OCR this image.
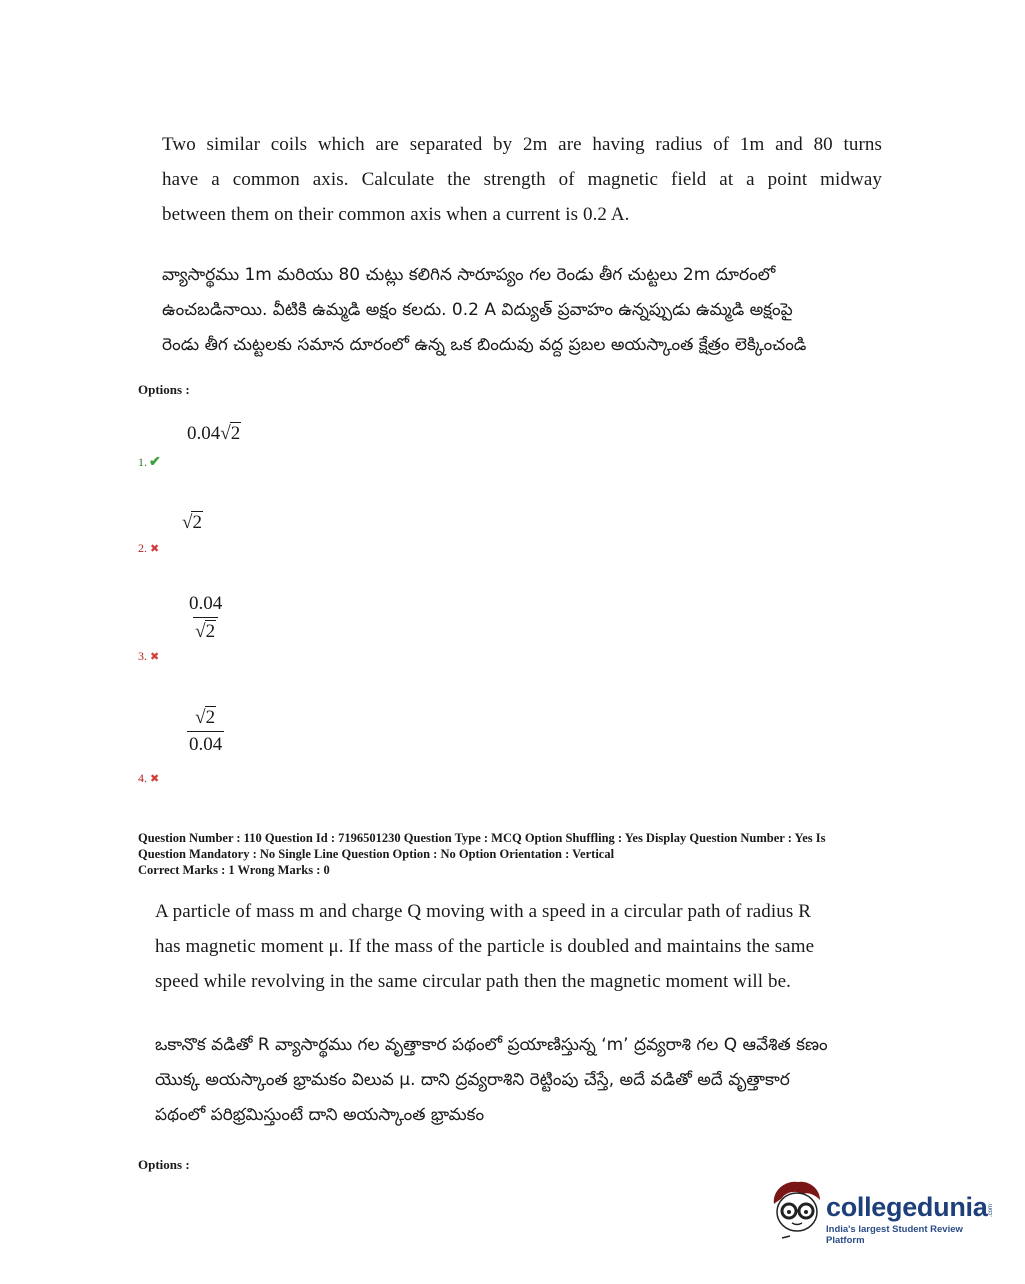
Two similar coils which are separated by 2m are having radius of 1m and 80 turns
have a common axis. Calculate the strength of magnetic field at a point midway
between them on their common axis when a current is 0.2 A.
వ్యాసార్థము 1m మరియు 80 చుట్లు కలిగిన సారూప్యం గల రెండు తీగ చుట్టలు 2m దూరంలో
ఉంచబడినాయి. వీటికి ఉమ్మడి అక్షం కలదు. 0.2 A విద్యుత్ ప్రవాహం ఉన్నప్పుడు ఉమ్మడి అక్షంపై
రెండు తీగ చుట్టలకు సమాన దూరంలో ఉన్న ఒక బిందువు వద్ద ప్రబల అయస్కాంత క్షేత్రం లెక్కించండి
Options :
0.04√2
1. ✔
√2
2. ✖
$\frac{0.04}{√2}$
3. ✖
$\frac{√2}{0.04}$
4. ✖
Question Number : 110 Question Id : 7196501230 Question Type : MCQ Option Shuffling : Yes Display Question Number : Yes Is
Question Mandatory : No Single Line Question Option : No Option Orientation : Vertical
Correct Marks : 1 Wrong Marks : 0
A particle of mass m and charge Q moving with a speed in a circular path of radius R
has magnetic moment μ. If the mass of the particle is doubled and maintains the same
speed while revolving in the same circular path then the magnetic moment will be.
ఒకానొక వడితో R వ్యాసార్థము గల వృత్తాకార పథంలో ప్రయాణిస్తున్న ‘m’ ద్రవ్యరాశి గల Q ఆవేశిత కణం
యొక్క అయస్కాంత భ్రామకం విలువ μ. దాని ద్రవ్యరాశిని రెట్టింపు చేస్తే, అదే వడితో అదే వృత్తాకార
పథంలో పరిభ్రమిస్తుంటే దాని అయస్కాంత భ్రామకం
Options :
collegedunia .com
India's largest Student Review Platform
